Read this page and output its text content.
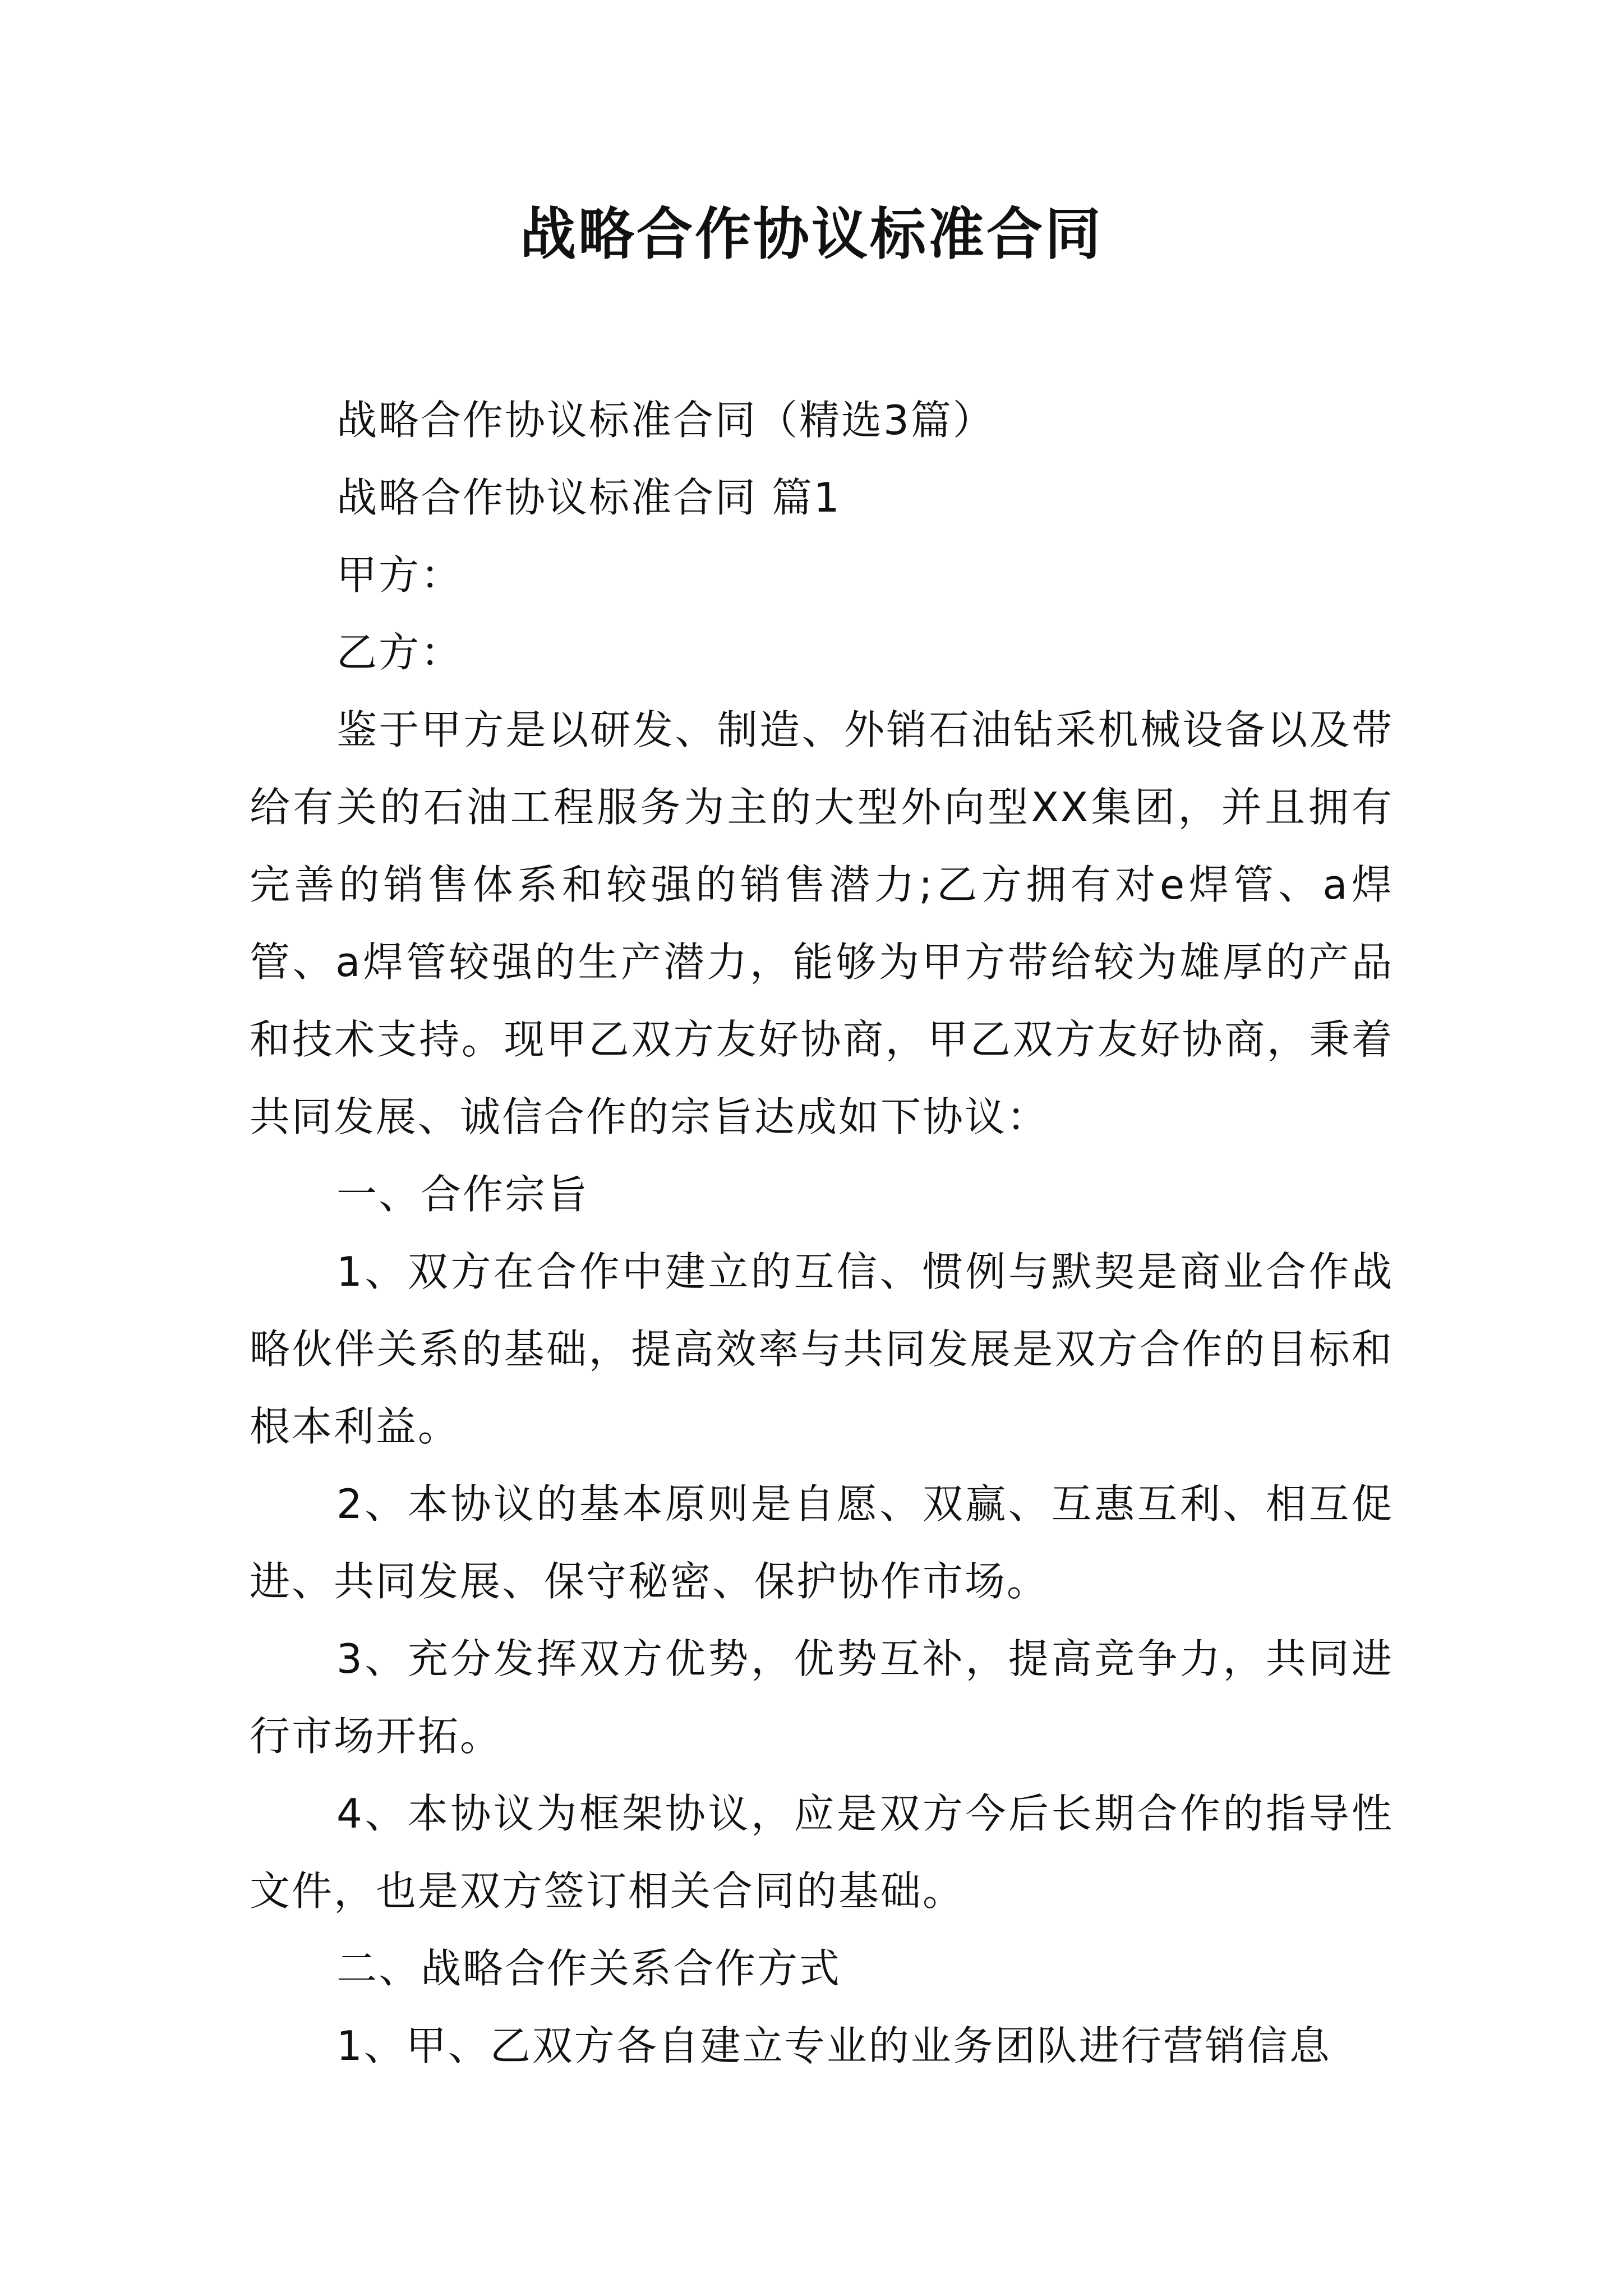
战略合作协议标准合同

战略合作协议标准合同（精选3篇）

战略合作协议标准合同 篇1

甲方：

乙方：

鉴于甲方是以研发、制造、外销石油钻采机械设备以及带给有关的石油工程服务为主的大型外向型XX集团，并且拥有完善的销售体系和较强的销售潜力;乙方拥有对e焊管、a焊管、a焊管较强的生产潜力，能够为甲方带给较为雄厚的产品和技术支持。现甲乙双方友好协商，甲乙双方友好协商，秉着共同发展、诚信合作的宗旨达成如下协议：

一、合作宗旨

1、双方在合作中建立的互信、惯例与默契是商业合作战略伙伴关系的基础，提高效率与共同发展是双方合作的目标和根本利益。

2、本协议的基本原则是自愿、双赢、互惠互利、相互促进、共同发展、保守秘密、保护协作市场。

3、充分发挥双方优势，优势互补，提高竞争力，共同进行市场开拓。

4、本协议为框架协议，应是双方今后长期合作的指导性文件，也是双方签订相关合同的基础。

二、战略合作关系合作方式

1、甲、乙双方各自建立专业的业务团队进行营销信息
